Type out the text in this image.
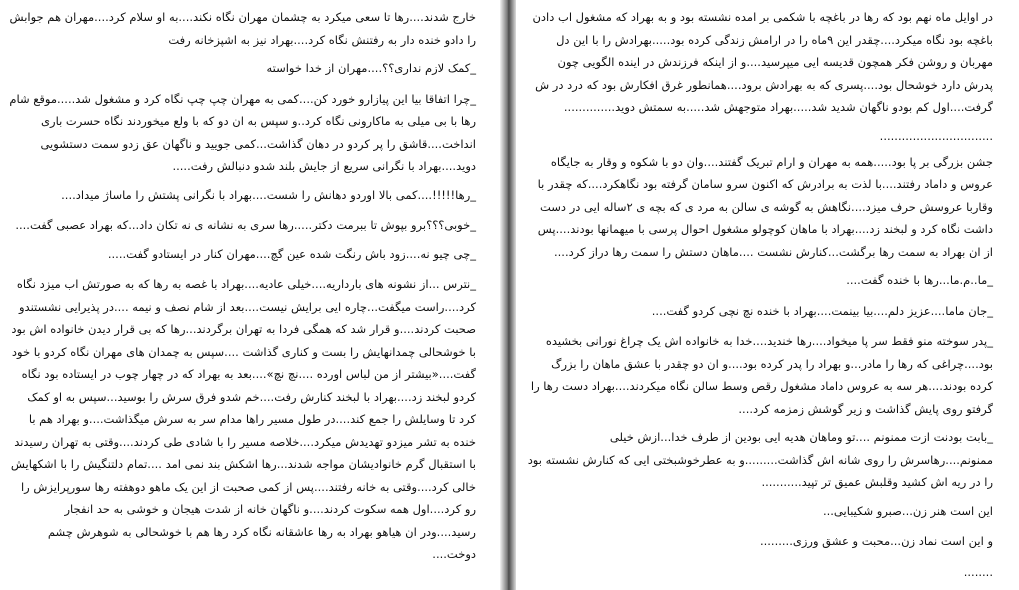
خارج شدند....رها تا سعی میکرد به چشمان مهران نگاه نکند....به او سلام کرد....مهران هم جوابش را دادو خنده دار به رفتنش نگاه کرد....بهراد نیز به اشپزخانه رفت

_کمک لازم نداری؟؟....مهران از خدا خواسته

_چرا اتفاقا بیا این پیازارو خورد کن....کمی به مهران چپ چپ نگاه کرد و مشغول شد.....موقع شام رها با بی میلی به ماکارونی نگاه کرد..و سپس به ان دو که با ولع میخوردند نگاه حسرت باری انداخت....قاشق را پر کردو در دهان گذاشت...کمی جویید و ناگهان عق زدو سمت دستشویی دوید....بهراد با نگرانی سریع از جایش بلند شدو دنبالش رفت.....

_رها!!!!!....کمی بالا اوردو دهانش را شست....بهراد با نگرانی پشتش را ماساژ میداد....

_خوبی؟؟؟برو بپوش تا ببرمت دکتر.....رها سری به نشانه ی نه تکان داد...که بهراد عصبی گفت....

_چی چیو نه....زود باش رنگت شده عین گچ....مهران کنار در ایستادو گفت.....

_نترس ...از نشونه های بارداریه....خیلی عادیه....بهراد با غصه به رها که به صورتش اب میزد نگاه کرد....راست میگفت...چاره ایی برایش نیست....بعد از شام نصف و نیمه ....در پذیرایی نشستندو صحبت کردند....و قرار شد که همگی فردا به تهران برگردند...رها که بی قرار دیدن خانواده اش بود با خوشحالی چمدانهایش را بست و کناری گذاشت ....سپس به چمدان های مهران نگاه کردو با خود گفت....«بیشتر از من لباس اورده ....نچ نچ»....بعد به بهراد که در چهار چوب در ایستاده بود نگاه کردو لبخند زد....بهراد با لبخند کنارش رفت....خم شدو فرق سرش را بوسید...سپس به او کمک کرد تا وسایلش را جمع کند....در طول مسیر راها مدام سر به سرش میگذاشت....و بهراد هم با خنده به تشر میزدو تهدیدش میکرد....خلاصه مسیر را با شادی طی کردند....وقتی به تهران رسیدند با استقبال گرم خانوادیشان مواجه شدند...رها اشکش بند نمی امد ....تمام دلتنگیش را با اشکهایش خالی کرد....وقتی به خانه رفتند....پس از کمی صحبت از این یک ماهو دوهفته رها سورپرایزش را رو کرد....اول همه سکوت کردند....و ناگهان خانه از شدت هیجان و خوشی به حد انفجار رسید....ودر ان هیاهو بهراد به رها عاشقانه نگاه کرد رها هم با خوشحالی به شوهرش چشم دوخت....

در اوایل ماه نهم بود که رها در باغچه با شکمی بر امده نشسته بود و به بهراد که مشغول اب دادن باغچه بود نگاه میکرد....چقدر این ۹ماه را در ارامش زندگی کرده بود.....بهرادش را با این دل مهربان و روشن فکر همچون قدیسه ایی میپرسید....و از اینکه فرزندش در اینده الگویی چون پدرش دارد خوشحال بود....پسری که به بهرادش برود....همانطور غرق افکارش بود که درد در ش گرفت....اول کم بودو ناگهان شدید شد.....بهراد متوجهش شد.....به سمتش دوید..............

...............................

جشن بزرگی بر پا بود.....همه به مهران و ارام تبریک گفتند....وان دو با شکوه و وقار به جایگاه عروس و داماد رفتند....با لذت به برادرش که اکنون سرو سامان گرفته بود نگاهکرد....که چقدر با وقاربا عروسش حرف میزد....نگاهش به گوشه ی سالن به مرد ی که بچه ی ۲ساله ایی در دست داشت نگاه کرد و لبخند زد....بهراد با ماهان کوچولو مشغول احوال پرسی با میهمانها بودند....پس از ان بهراد به سمت رها برگشت...کنارش نشست ....ماهان دستش را سمت رها دراز کرد....

_ما..م.ما...رها با خنده گفت....

_جان ماما....عزیز دلم....بیا بینمت....بهراد با خنده نچ نچی کردو گفت....

_پدر سوخته منو فقط سر پا میخواد....رها خندید....خدا به خانواده اش یک چراغ نورانی بخشیده بود....چراغی که رها را مادر...و بهراد را پدر کرده بود....و ان دو چقدر با عشق ماهان را بزرگ کرده بودند....هر سه به عروس داماد مشغول رقص وسط سالن نگاه میکردند....بهراد دست رها را گرفتو روی پایش گذاشت و زیر گوشش زمزمه کرد....

_بابت بودنت ازت ممنونم ....تو وماهان هدیه ایی بودین از طرف خدا...ازش خیلی ممنونم....رهاسرش را روی شانه اش گذاشت.........و به عطرخوشبختی ایی که کنارش نشسته بود را در ریه اش کشید وقلبش عمیق تر تپید...........

این است هنر زن...صبرو شکیبایی...

و این است نماد زن...محبت و عشق ورزی.........

........
